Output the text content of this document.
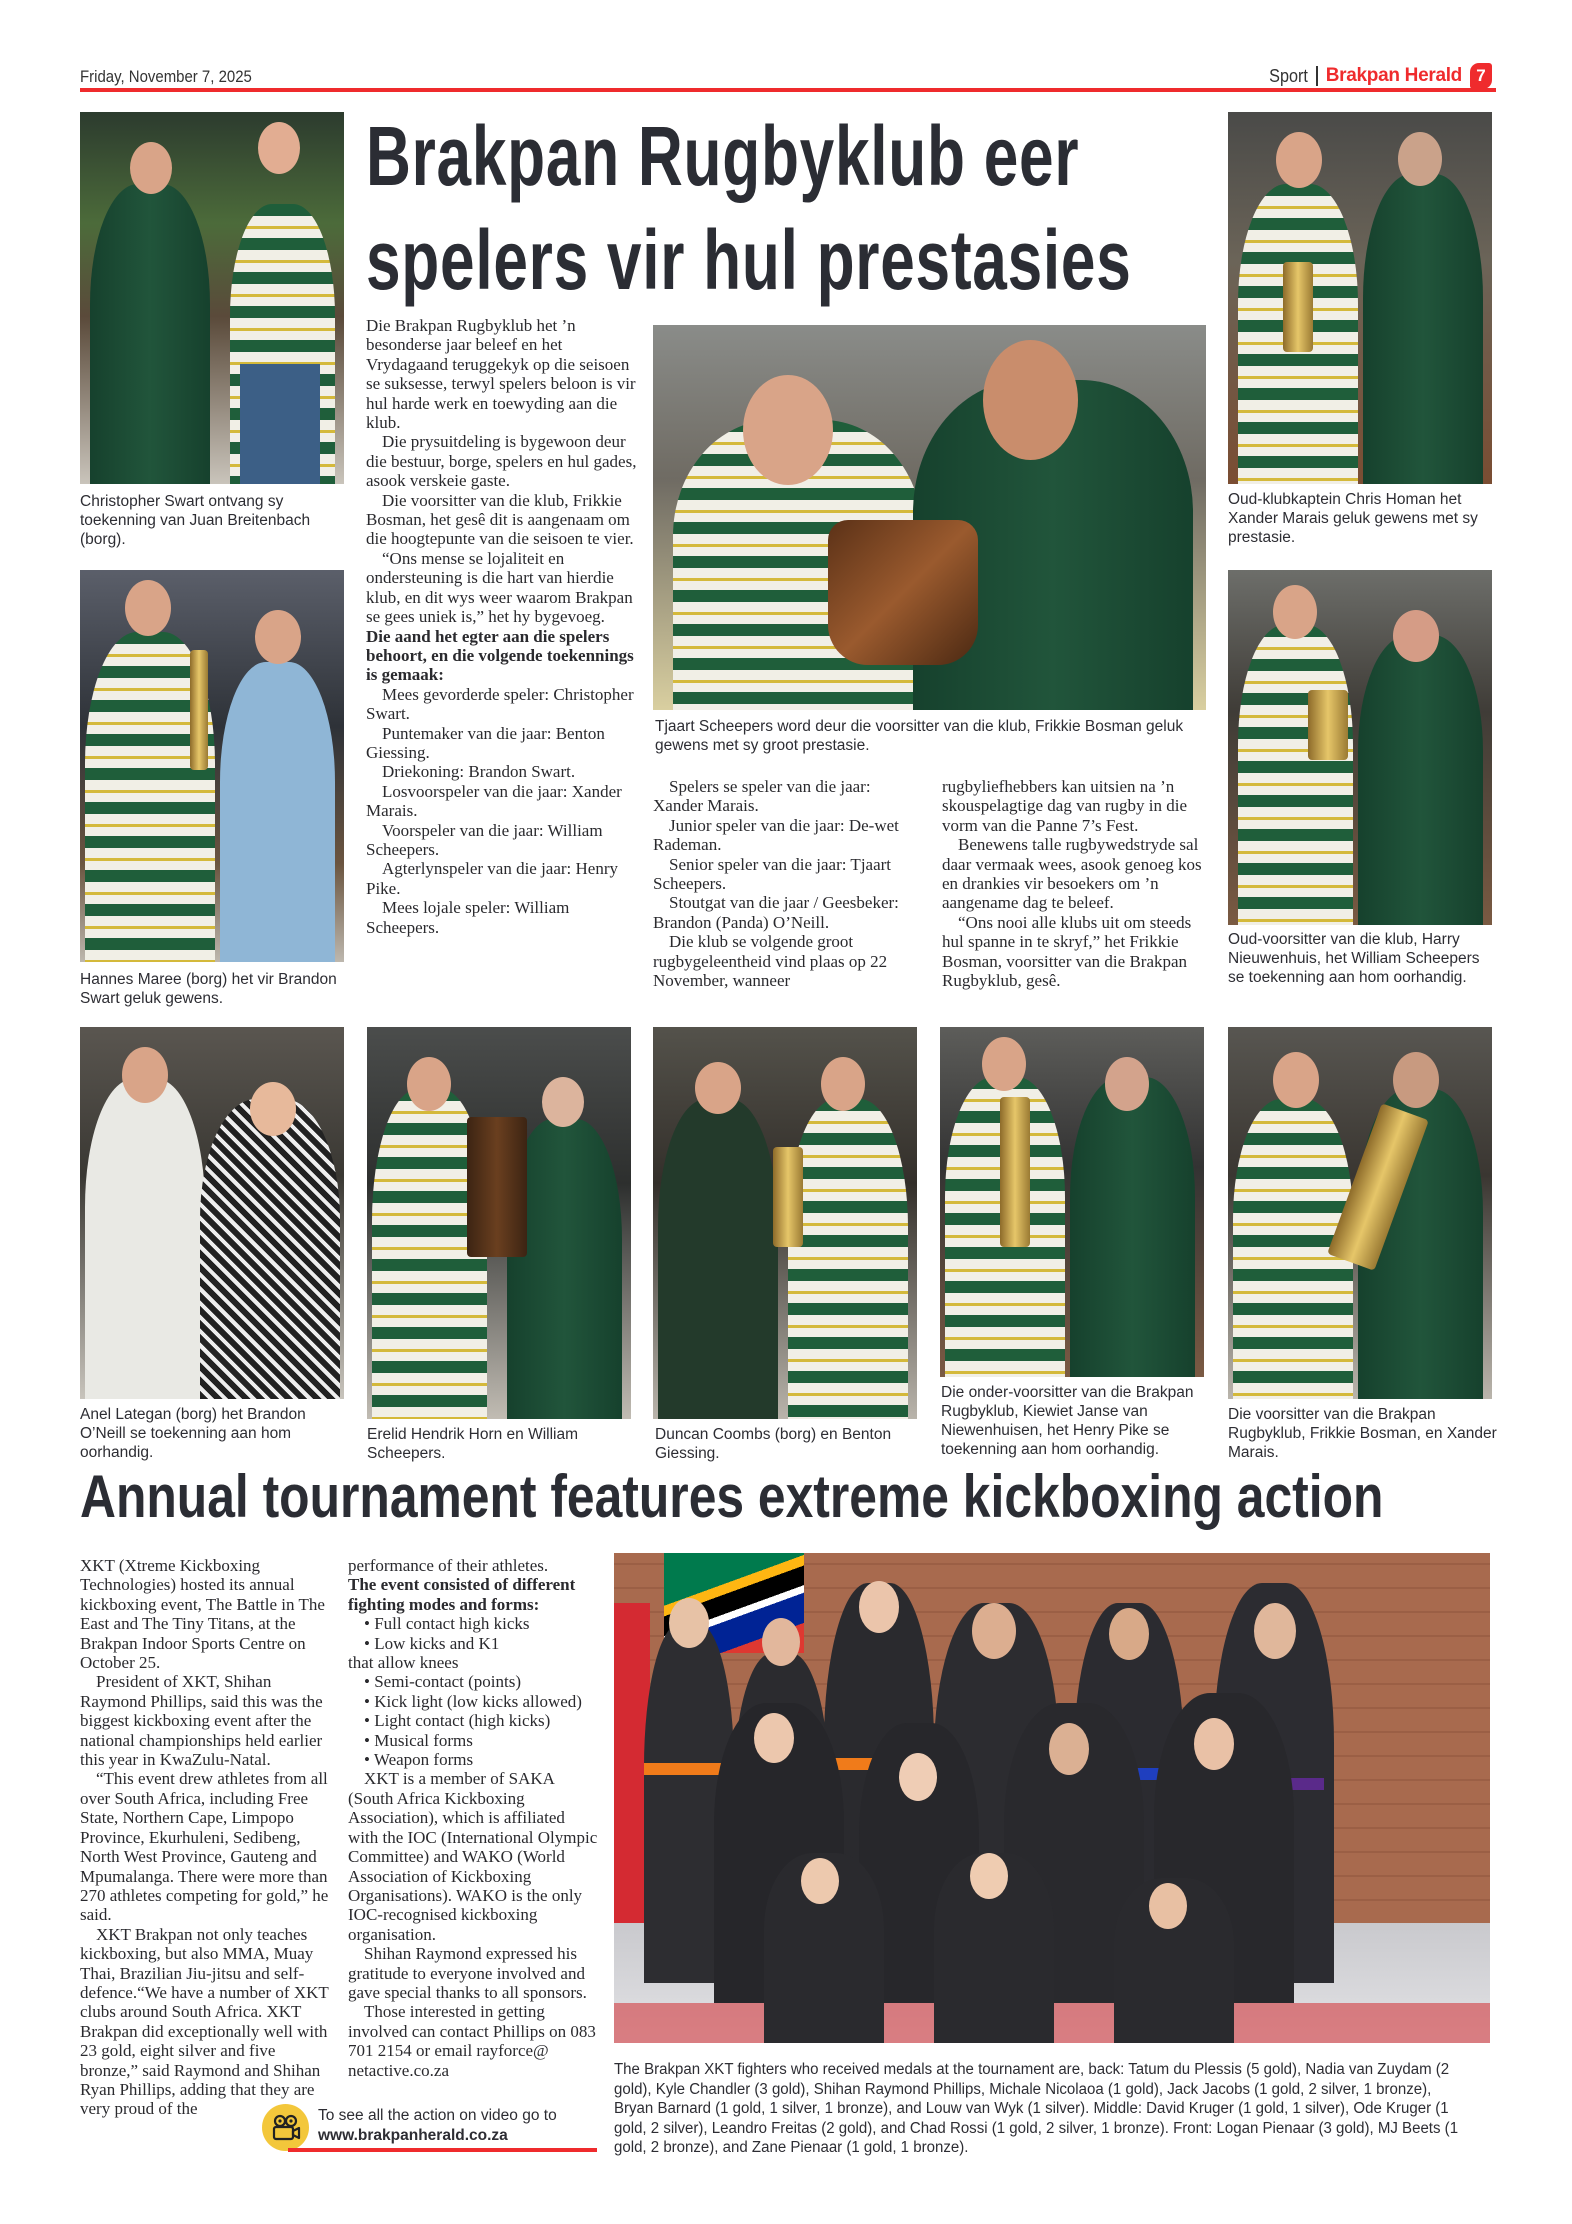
Friday, November 7, 2025	Sport Brakpan Herald 7
Christopher Swart ontvang sy toekenning van Juan Breitenbach (borg).
Hannes Maree (borg) het vir Brandon Swart geluk gewens.
Brakpan Rugbyklub eer
spelers vir hul prestasies

Die Brakpan Rugbyklub het ’n besonderse jaar beleef en het Vrydagaand teruggekyk op die seisoen se suksesse, terwyl spelers beloon is vir hul harde werk en toewyding aan die klub.

Die prysuitdeling is bygewoon deur die bestuur, borge, spelers en hul gades, asook verskeie gaste.

Die voorsitter van die klub, Frikkie Bosman, het gesê dit is aangenaam om die hoogtepunte van die seisoen te vier.

“Ons mense se lojaliteit en ondersteuning is die hart van hierdie klub, en dit wys weer waarom Brakpan se gees uniek is,” het hy bygevoeg.

Die aand het egter aan die spelers behoort, en die volgende toekennings is gemaak:

Mees gevorderde speler: Christopher Swart.

Puntemaker van die jaar: Benton Giessing.

Driekoning: Brandon Swart.

Losvoorspeler van die jaar: Xander Marais.

Voorspeler van die jaar: William Scheepers.

Agterlynspeler van die jaar: Henry Pike.

Mees lojale speler: William Scheepers.

Tjaart Scheepers word deur die voorsitter van die klub, Frikkie Bosman geluk gewens met sy groot prestasie.

Spelers se speler van die jaar: Xander Marais.

Junior speler van die jaar: De-wet Rademan.

Senior speler van die jaar: Tjaart Scheepers.

Stoutgat van die jaar / Geesbeker: Brandon (Panda) O’Neill.

Die klub se volgende groot rugbygeleentheid vind plaas op 22 November, wanneer

rugbyliefhebbers kan uitsien na ’n skouspelagtige dag van rugby in die vorm van die Panne 7’s Fest.

Benewens talle rugbywedstryde sal daar vermaak wees, asook genoeg kos en drankies vir besoekers om ’n aangename dag te beleef.

“Ons nooi alle klubs uit om steeds hul spanne in te skryf,” het Frikkie Bosman, voorsitter van die Brakpan Rugbyklub, gesê.

Oud-klubkaptein Chris Homan het Xander Marais geluk gewens met sy prestasie.
Oud-voorsitter van die klub, Harry Nieuwenhuis, het William Scheepers se toekenning aan hom oorhandig.
Anel Lategan (borg) het Brandon O’Neill se toekenning aan hom oorhandig.
Erelid Hendrik Horn en William Scheepers.
Duncan Coombs (borg) en Benton Giessing.
Die onder-voorsitter van die Brakpan Rugbyklub, Kiewiet Janse van Niewenhuisen, het Henry Pike se toekenning aan hom oorhandig.
Die voorsitter van die Brakpan Rugbyklub, Frikkie Bosman, en Xander Marais.
Annual tournament features extreme kickboxing action

XKT (Xtreme Kickboxing Technologies) hosted its annual kickboxing event, The Battle in The East and The Tiny Titans, at the Brakpan Indoor Sports Centre on October 25.

President of XKT, Shihan Raymond Phillips, said this was the biggest kickboxing event after the national championships held earlier this year in KwaZulu-Natal.

“This event drew athletes from all over South Africa, including Free State, Northern Cape, Limpopo Province, Ekurhuleni, Sedibeng, North West Province, Gauteng and Mpumalanga. There were more than 270 athletes competing for gold,” he said.

XKT Brakpan not only teaches kickboxing, but also MMA, Muay Thai, Brazilian Jiu-jitsu and self-defence.“We have a number of XKT clubs around South Africa. XKT Brakpan did exceptionally well with 23 gold, eight silver and five bronze,” said Raymond and Shihan Ryan Phillips, adding that they are very proud of the

performance of their athletes.

The event consisted of different fighting modes and forms:

• Full contact high kicks

• Low kicks and K1

that allow knees

• Semi-contact (points)

• Kick light (low kicks allowed)

• Light contact (high kicks)

• Musical forms

• Weapon forms

XKT is a member of SAKA (South Africa Kickboxing Association), which is affiliated with the IOC (International Olympic Committee) and WAKO (World Association of Kickboxing Organisations). WAKO is the only IOC-recognised kickboxing organisation.

Shihan Raymond expressed his gratitude to everyone involved and gave special thanks to all sponsors.

Those interested in getting involved can contact Phillips on 083 701 2154 or email rayforce@ netactive.co.za

To see all the action on video go to
www.brakpanherald.co.za
The Brakpan XKT fighters who received medals at the tournament are, back: Tatum du Plessis (5 gold), Nadia van Zuydam (2 gold), Kyle Chandler (3 gold), Shihan Raymond Phillips, Michale Nicolaoa (1 gold), Jack Jacobs (1 gold, 2 silver, 1 bronze), Bryan Barnard (1 gold, 1 silver, 1 bronze), and Louw van Wyk (1 silver). Middle: David Kruger (1 gold, 1 silver), Ode Kruger (1 gold, 2 silver), Leandro Freitas (2 gold), and Chad Rossi (1 gold, 2 silver, 1 bronze). Front: Logan Pienaar (3 gold), MJ Beets (1 gold, 2 bronze), and Zane Pienaar (1 gold, 1 bronze).
